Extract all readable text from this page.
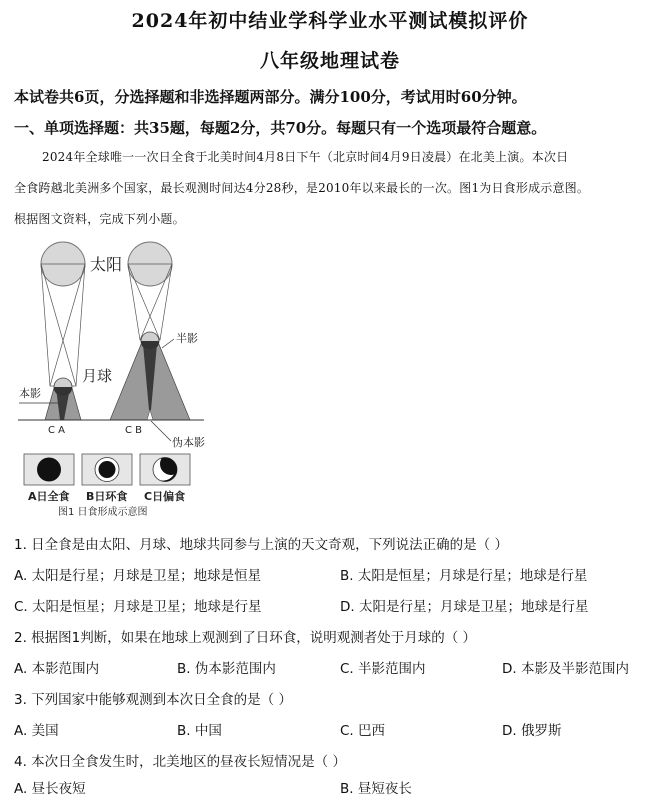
2024年初中结业学科学业水平测试模拟评价
八年级地理试卷
本试卷共6页，分选择题和非选择题两部分。满分100分，考试用时60分钟。
一、单项选择题：共35题，每题2分，共70分。每题只有一个选项最符合题意。
2024年全球唯一一次日全食于北美时间4月8日下午（北京时间4月9日凌晨）在北美上演。本次日
全食跨越北美洲多个国家，最长观测时间达4分28秒，是2010年以来最长的一次。图1为日食形成示意图。
根据图文资料，完成下列小题。
太阳
月球
半影
本影
伪本影
C A	C B
A日全食 B日环食 C日偏食
图1 日食形成示意图
1. 日全食是由太阳、月球、地球共同参与上演的天文奇观，下列说法正确的是（ ）
A. 太阳是行星；月球是卫星；地球是恒星	B. 太阳是恒星；月球是行星；地球是行星
C. 太阳是恒星；月球是卫星；地球是行星	D. 太阳是行星；月球是卫星；地球是行星
2. 根据图1判断，如果在地球上观测到了日环食，说明观测者处于月球的（ ）
A. 本影范围内	B. 伪本影范围内	C. 半影范围内	D. 本影及半影范围内
3. 下列国家中能够观测到本次日全食的是（ ）
A. 美国	B. 中国	C. 巴西	D. 俄罗斯
4. 本次日全食发生时，北美地区的昼夜长短情况是（ ）
A. 昼长夜短	B. 昼短夜长
